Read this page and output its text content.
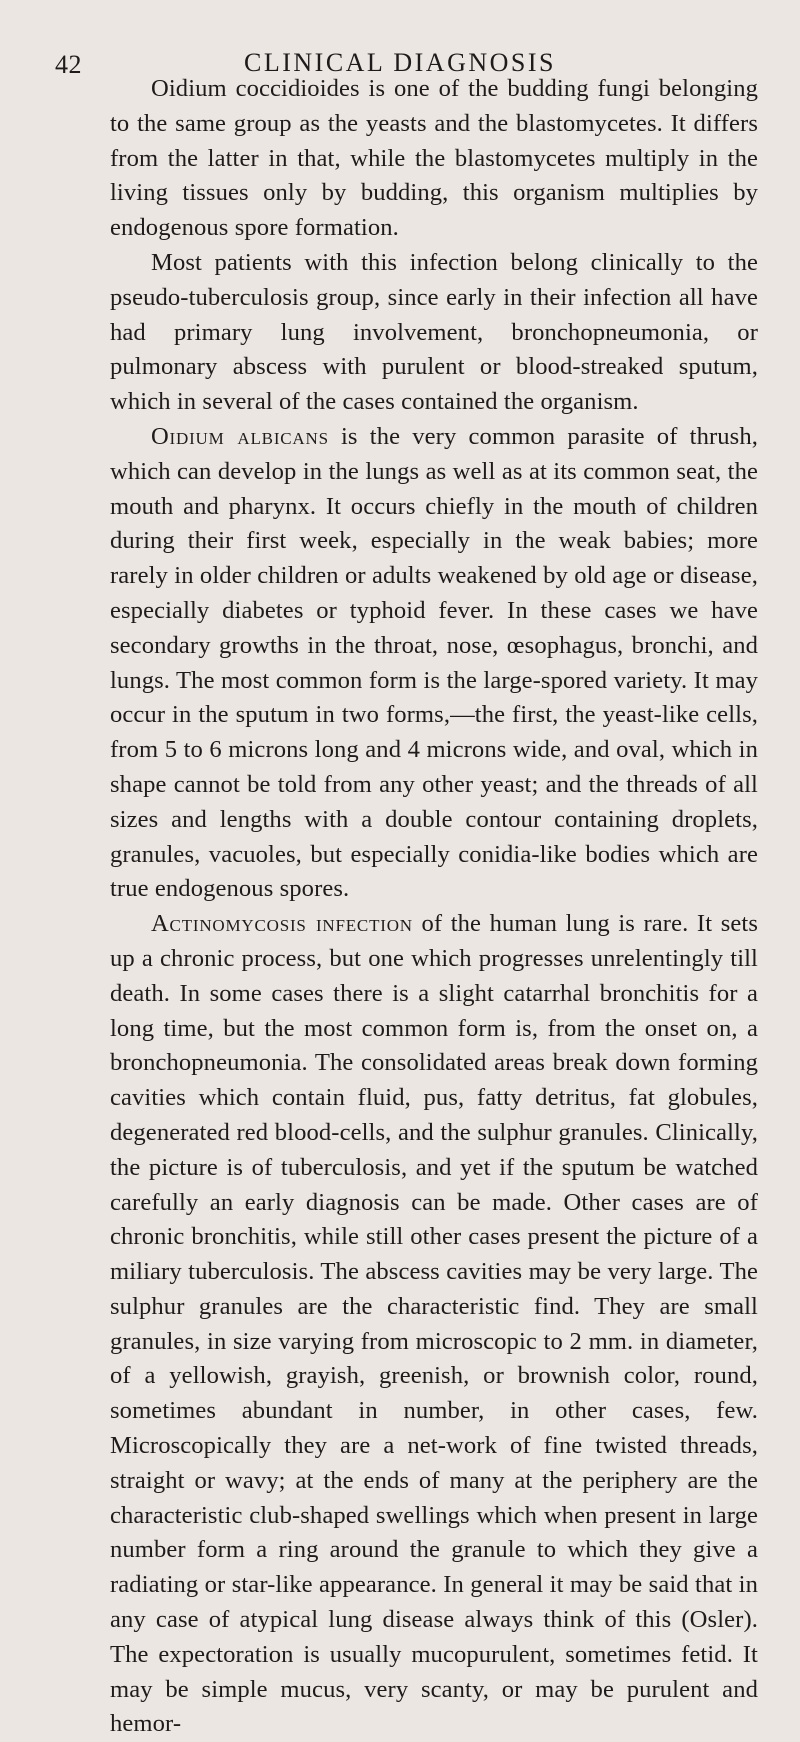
42	CLINICAL DIAGNOSIS

Oidium coccidioides is one of the budding fungi belonging to the same group as the yeasts and the blastomycetes. It differs from the latter in that, while the blastomycetes multiply in the living tissues only by budding, this organism multiplies by endogenous spore formation.

Most patients with this infection belong clinically to the pseudo-tuberculosis group, since early in their infection all have had primary lung involvement, bronchopneumonia, or pulmonary abscess with purulent or blood-streaked sputum, which in several of the cases contained the organism.

Oidium albicans is the very common parasite of thrush, which can develop in the lungs as well as at its common seat, the mouth and pharynx. It occurs chiefly in the mouth of children during their first week, especially in the weak babies; more rarely in older children or adults weakened by old age or disease, especially diabetes or typhoid fever. In these cases we have secondary growths in the throat, nose, œsophagus, bronchi, and lungs. The most common form is the large-spored variety. It may occur in the sputum in two forms,—the first, the yeast-like cells, from 5 to 6 microns long and 4 microns wide, and oval, which in shape cannot be told from any other yeast; and the threads of all sizes and lengths with a double contour containing droplets, granules, vacuoles, but especially conidia-like bodies which are true endogenous spores.

Actinomycosis infection of the human lung is rare. It sets up a chronic process, but one which progresses unrelentingly till death. In some cases there is a slight catarrhal bronchitis for a long time, but the most common form is, from the onset on, a bronchopneumonia. The consolidated areas break down forming cavities which contain fluid, pus, fatty detritus, fat globules, degenerated red blood-cells, and the sulphur granules. Clinically, the picture is of tuberculosis, and yet if the sputum be watched carefully an early diagnosis can be made. Other cases are of chronic bronchitis, while still other cases present the picture of a miliary tuberculosis. The abscess cavities may be very large. The sulphur granules are the characteristic find. They are small granules, in size varying from microscopic to 2 mm. in diameter, of a yellowish, grayish, greenish, or brownish color, round, sometimes abundant in number, in other cases, few. Microscopically they are a net-work of fine twisted threads, straight or wavy; at the ends of many at the periphery are the characteristic club-shaped swellings which when present in large number form a ring around the granule to which they give a radiating or star-like appearance. In general it may be said that in any case of atypical lung disease always think of this (Osler). The expectoration is usually mucopurulent, sometimes fetid. It may be simple mucus, very scanty, or may be purulent and hemor-
